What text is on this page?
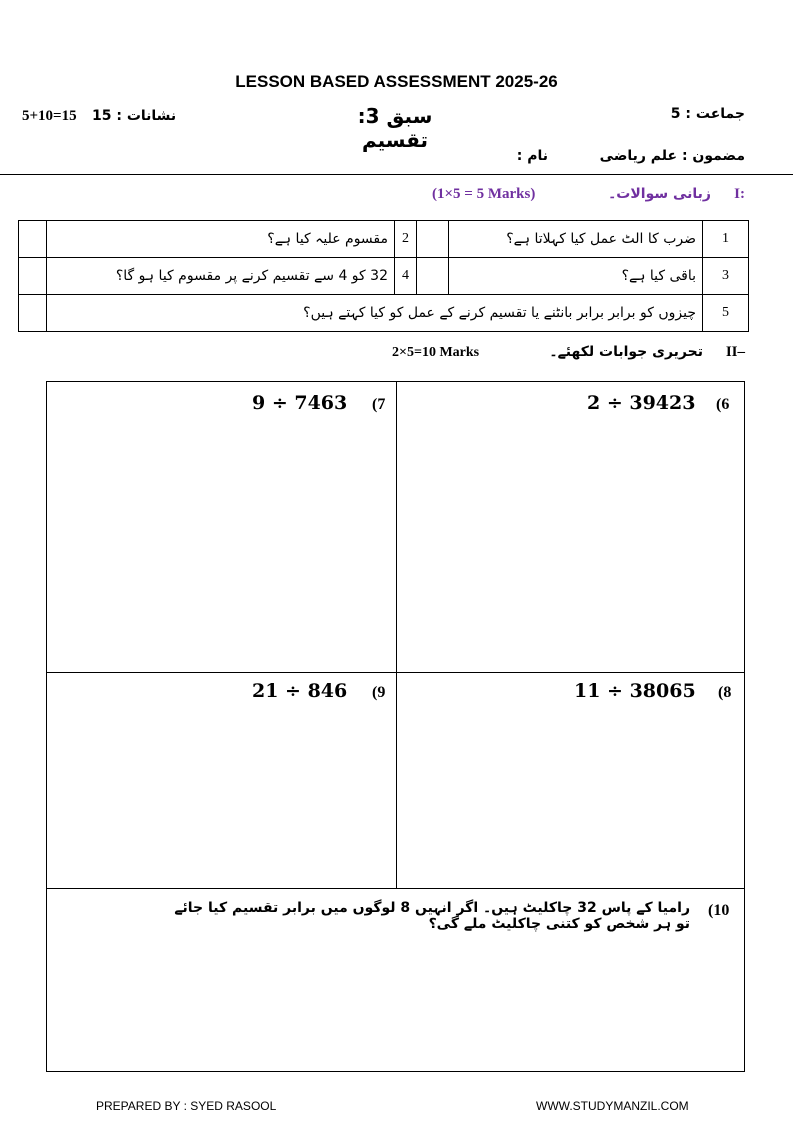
LESSON BASED ASSESSMENT 2025-26
جماعت : 5
سبق 3: تقسیم
نشانات : 15
5+10=15
مضمون : علم ریاضی
نام :
I:
زبانی سوالات۔
(1×5 = 5 Marks)
	مقسوم علیہ کیا ہے؟	2		ضرب کا الٹ عمل کیا کہلاتا ہے؟	1
	32 کو 4 سے تقسیم کرنے پر مقسوم کیا ہو گا؟	4		باقی کیا ہے؟	3
	چیزوں کو برابر برابر بانٹنے یا تقسیم کرنے کے عمل کو کیا کہتے ہیں؟				5
II–
تحریری جوابات لکھئے۔
2×5=10 Marks
(6
2 ÷ 39423
(7
9 ÷ 7463
(8
11 ÷ 38065
(9
21 ÷ 846
(10
رامیا کے پاس 32 چاکلیٹ ہیں۔ اگر انہیں 8 لوگوں میں برابر تقسیم کیا جائے تو ہر شخص کو کتنی چاکلیٹ ملے گی؟
PREPARED BY : SYED RASOOL	WWW.STUDYMANZIL.COM
